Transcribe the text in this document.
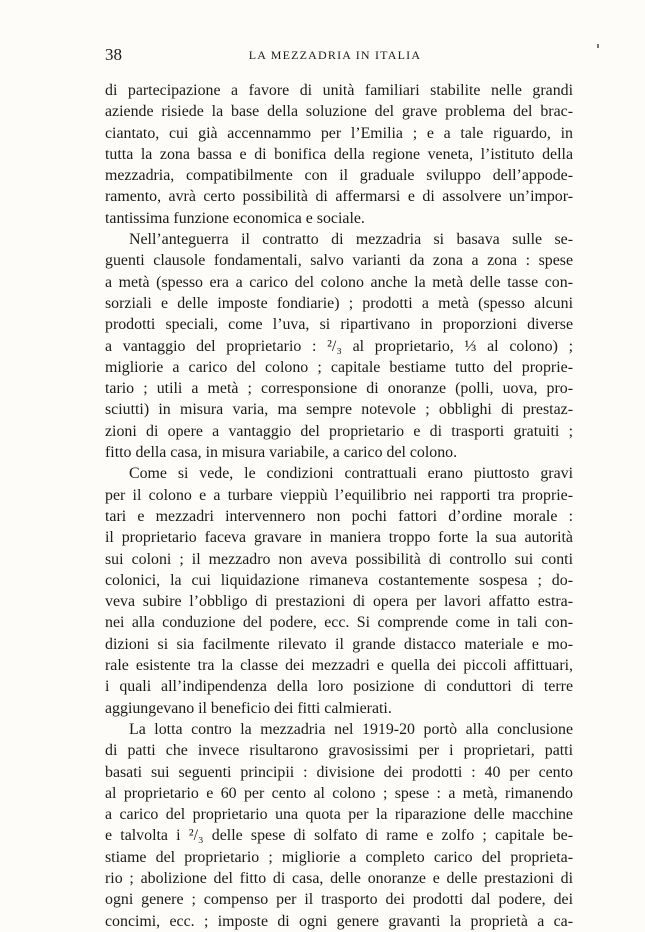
38	LA MEZZADRIA IN ITALIA
di partecipazione a favore di unità familiari stabilite nelle grandi
aziende risiede la base della soluzione del grave problema del brac-
ciantato, cui già accennammo per l’Emilia ; e a tale riguardo, in
tutta la zona bassa e di bonifica della regione veneta, l’istituto della
mezzadria, compatibilmente con il graduale sviluppo dell’appode-
ramento, avrà certo possibilità di affermarsi e di assolvere un’impor-
tantissima funzione economica e sociale.
Nell’anteguerra il contratto di mezzadria si basava sulle se-
guenti clausole fondamentali, salvo varianti da zona a zona : spese
a metà (spesso era a carico del colono anche la metà delle tasse con-
sorziali e delle imposte fondiarie) ; prodotti a metà (spesso alcuni
prodotti speciali, come l’uva, si ripartivano in proporzioni diverse
a vantaggio del proprietario : ²/₃ al proprietario, ⅓ al colono) ;
migliorie a carico del colono ; capitale bestiame tutto del proprie-
tario ; utili a metà ; corresponsione di onoranze (polli, uova, pro-
sciutti) in misura varia, ma sempre notevole ; obblighi di prestaz-
zioni di opere a vantaggio del proprietario e di trasporti gratuiti ;
fitto della casa, in misura variabile, a carico del colono.
Come si vede, le condizioni contrattuali erano piuttosto gravi
per il colono e a turbare vieppiù l’equilibrio nei rapporti tra proprie-
tari e mezzadri intervennero non pochi fattori d’ordine morale :
il proprietario faceva gravare in maniera troppo forte la sua autorità
sui coloni ; il mezzadro non aveva possibilità di controllo sui conti
colonici, la cui liquidazione rimaneva costantemente sospesa ; do-
veva subire l’obbligo di prestazioni di opera per lavori affatto estra-
nei alla conduzione del podere, ecc. Si comprende come in tali con-
dizioni si sia facilmente rilevato il grande distacco materiale e mo-
rale esistente tra la classe dei mezzadri e quella dei piccoli affittuari,
i quali all’indipendenza della loro posizione di conduttori di terre
aggiungevano il beneficio dei fitti calmierati.
La lotta contro la mezzadria nel 1919-20 portò alla conclusione
di patti che invece risultarono gravosissimi per i proprietari, patti
basati sui seguenti principii : divisione dei prodotti : 40 per cento
al proprietario e 60 per cento al colono ; spese : a metà, rimanendo
a carico del proprietario una quota per la riparazione delle macchine
e talvolta i ²/₃ delle spese di solfato di rame e zolfo ; capitale be-
stiame del proprietario ; migliorie a completo carico del proprieta-
rio ; abolizione del fitto di casa, delle onoranze e delle prestazioni di
ogni genere ; compenso per il trasporto dei prodotti dal podere, dei
concimi, ecc. ; imposte di ogni genere gravanti la proprietà a ca-
